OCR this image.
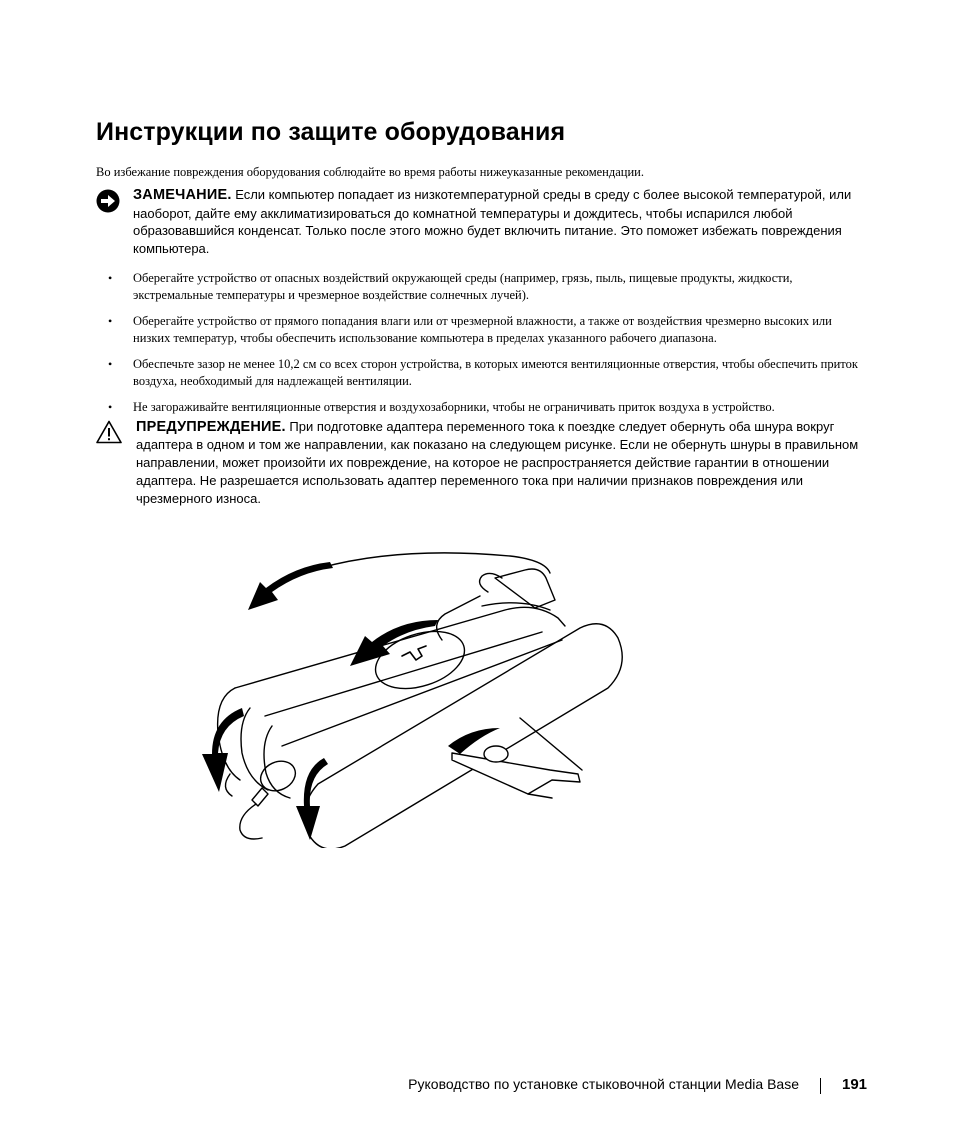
Инструкции по защите оборудования

Во избежание повреждения оборудования соблюдайте во время работы нижеуказанные рекомендации.

ЗАМЕЧАНИЕ. Если компьютер попадает из низкотемпературной среды в среду с более высокой температурой, или наоборот, дайте ему акклиматизироваться до комнатной температуры и дождитесь, чтобы испарился любой образовавшийся конденсат. Только после этого можно будет включить питание. Это поможет избежать повреждения компьютера.

• Оберегайте устройство от опасных воздействий окружающей среды (например, грязь, пыль, пищевые продукты, жидкости, экстремальные температуры и чрезмерное воздействие солнечных лучей).
• Оберегайте устройство от прямого попадания влаги или от чрезмерной влажности, а также от воздействия чрезмерно высоких или низких температур, чтобы обеспечить использование компьютера в пределах указанного рабочего диапазона.
• Обеспечьте зазор не менее 10,2 см со всех сторон устройства, в которых имеются вентиляционные отверстия, чтобы обеспечить приток воздуха, необходимый для надлежащей вентиляции.
• Не загораживайте вентиляционные отверстия и воздухозаборники, чтобы не ограничивать приток воздуха в устройство.

ПРЕДУПРЕЖДЕНИЕ. При подготовке адаптера переменного тока к поездке следует обернуть оба шнура вокруг адаптера в одном и том же направлении, как показано на следующем рисунке. Если не обернуть шнуры в правильном направлении, может произойти их повреждение, на которое не распространяется действие гарантии в отношении адаптера. Не разрешается использовать адаптер переменного тока при наличии признаков повреждения или чрезмерного износа.

Руководство по установке стыковочной станции Media Base	191
